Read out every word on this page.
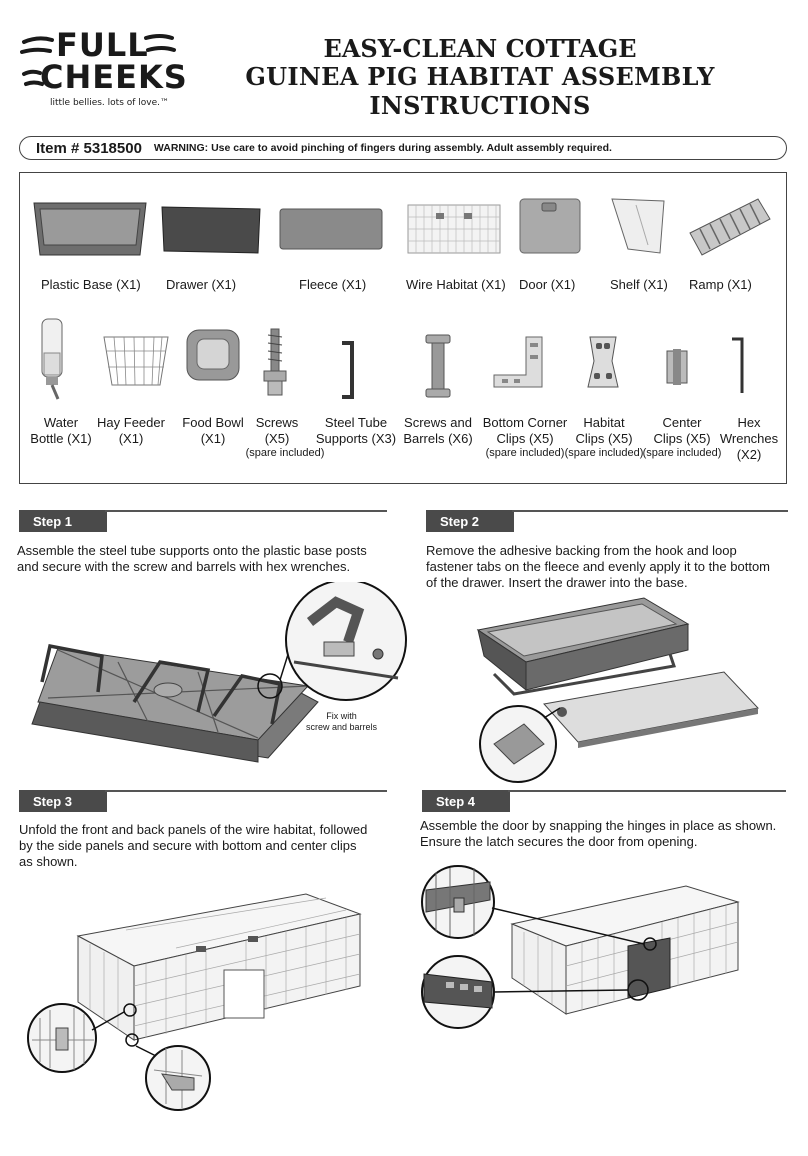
FULL
CHEEKS
little bellies. lots of love.™
EASY-CLEAN COTTAGE
GUINEA PIG HABITAT ASSEMBLY INSTRUCTIONS
Item # 5318500 WARNING: Use care to avoid pinching of fingers during assembly. Adult assembly required.
Plastic Base (X1) Drawer (X1)	Fleece (X1)	Wire Habitat (X1) Door (X1)	Shelf (X1) Ramp (X1)
Water
Bottle (X1)
Hay Feeder
(X1)
Food Bowl
(X1)
Screws
(X5)
(spare included)
Steel Tube
Supports (X3)
Screws and
Barrels (X6)
Bottom Corner
Clips (X5)
(spare included)
Habitat
Clips (X5)
(spare included)
Center
Clips (X5)
(spare included)
Hex
Wrenches
(X2)
Step 1
Assemble the steel tube supports onto the plastic base posts
and secure with the screw and barrels with hex wrenches.
Fix with
screw and barrels
Step 2
Remove the adhesive backing from the hook and loop
fastener tabs on the fleece and evenly apply it to the bottom
of the drawer. Insert the drawer into the base.
Step 3
Unfold the front and back panels of the wire habitat, followed
by the side panels and secure with bottom and center clips
as shown.
Step 4
Assemble the door by snapping the hinges in place as shown.
Ensure the latch secures the door from opening.
